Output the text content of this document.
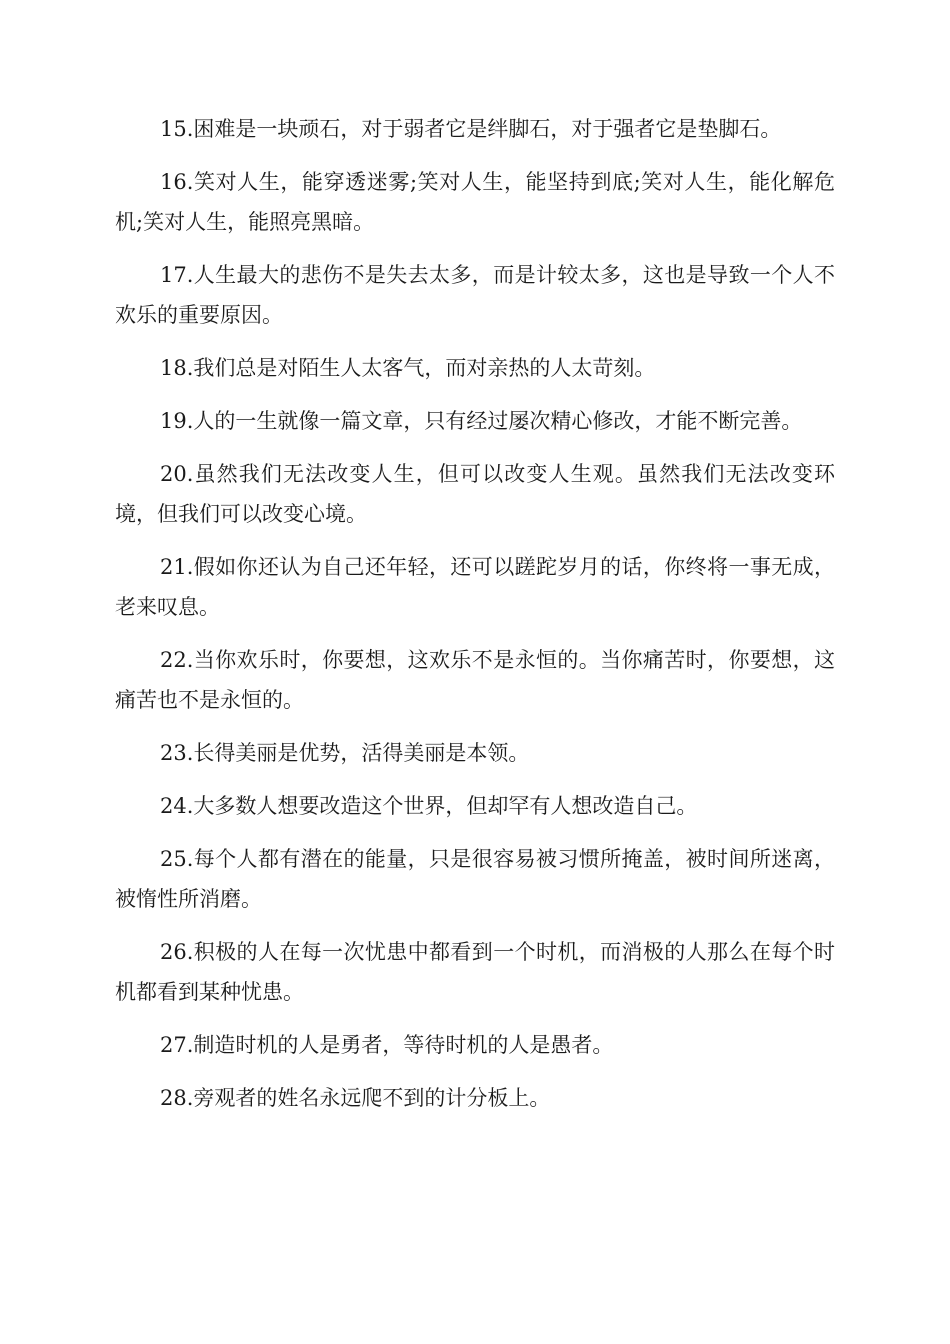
15.困难是一块顽石，对于弱者它是绊脚石，对于强者它是垫脚石。

16.笑对人生，能穿透迷雾;笑对人生，能坚持到底;笑对人生，能化解危机;笑对人生，能照亮黑暗。

17.人生最大的悲伤不是失去太多，而是计较太多，这也是导致一个人不欢乐的重要原因。

18.我们总是对陌生人太客气，而对亲热的人太苛刻。

19.人的一生就像一篇文章，只有经过屡次精心修改，才能不断完善。

20.虽然我们无法改变人生，但可以改变人生观。虽然我们无法改变环境，但我们可以改变心境。

21.假如你还认为自己还年轻，还可以蹉跎岁月的话，你终将一事无成，老来叹息。

22.当你欢乐时，你要想，这欢乐不是永恒的。当你痛苦时，你要想，这痛苦也不是永恒的。

23.长得美丽是优势，活得美丽是本领。

24.大多数人想要改造这个世界，但却罕有人想改造自己。

25.每个人都有潜在的能量，只是很容易被习惯所掩盖，被时间所迷离，被惰性所消磨。

26.积极的人在每一次忧患中都看到一个时机，而消极的人那么在每个时机都看到某种忧患。

27.制造时机的人是勇者，等待时机的人是愚者。

28.旁观者的姓名永远爬不到的计分板上。
